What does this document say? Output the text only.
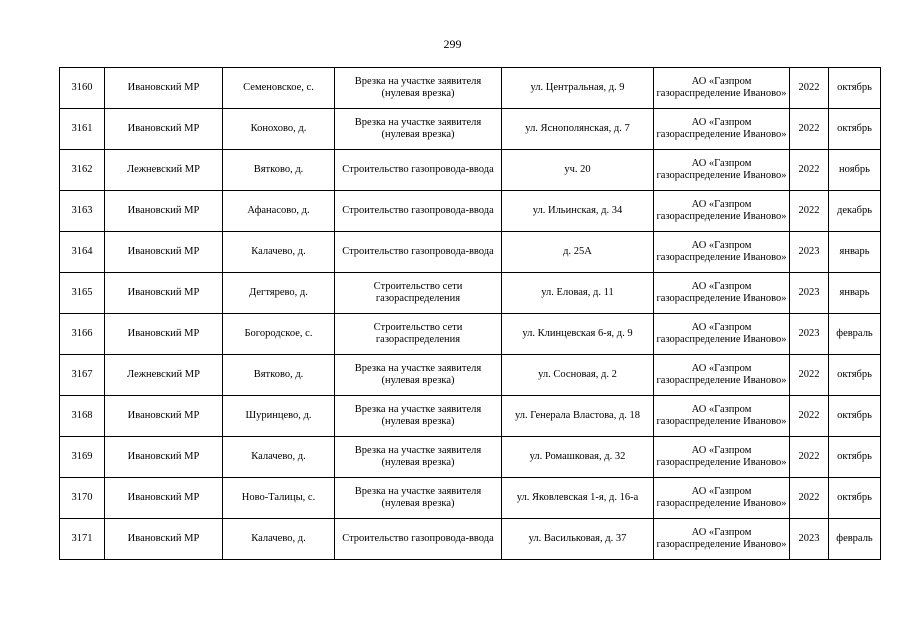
299
3160	Ивановский МР	Семеновское, с.	Врезка на участке заявителя (нулевая врезка)	ул. Центральная, д. 9	АО «Газпром газораспределение Иваново»	2022	октябрь
3161	Ивановский МР	Конохово, д.	Врезка на участке заявителя (нулевая врезка)	ул. Яснополянская, д. 7	АО «Газпром газораспределение Иваново»	2022	октябрь
3162	Лежневский МР	Вятково, д.	Строительство газопровода-ввода	уч. 20	АО «Газпром газораспределение Иваново»	2022	ноябрь
3163	Ивановский МР	Афанасово, д.	Строительство газопровода-ввода	ул. Ильинская, д. 34	АО «Газпром газораспределение Иваново»	2022	декабрь
3164	Ивановский МР	Калачево, д.	Строительство газопровода-ввода	д. 25А	АО «Газпром газораспределение Иваново»	2023	январь
3165	Ивановский МР	Дегтярево, д.	Строительство сети газораспределения	ул. Еловая, д. 11	АО «Газпром газораспределение Иваново»	2023	январь
3166	Ивановский МР	Богородское, с.	Строительство сети газораспределения	ул. Клинцевская 6-я, д. 9	АО «Газпром газораспределение Иваново»	2023	февраль
3167	Лежневский МР	Вятково, д.	Врезка на участке заявителя (нулевая врезка)	ул. Сосновая, д. 2	АО «Газпром газораспределение Иваново»	2022	октябрь
3168	Ивановский МР	Шуринцево, д.	Врезка на участке заявителя (нулевая врезка)	ул. Генерала Властова, д. 18	АО «Газпром газораспределение Иваново»	2022	октябрь
3169	Ивановский МР	Калачево, д.	Врезка на участке заявителя (нулевая врезка)	ул. Ромашковая, д. 32	АО «Газпром газораспределение Иваново»	2022	октябрь
3170	Ивановский МР	Ново-Талицы, с.	Врезка на участке заявителя (нулевая врезка)	ул. Яковлевская 1-я, д. 16-а	АО «Газпром газораспределение Иваново»	2022	октябрь
3171	Ивановский МР	Калачево, д.	Строительство газопровода-ввода	ул. Васильковая, д. 37	АО «Газпром газораспределение Иваново»	2023	февраль
